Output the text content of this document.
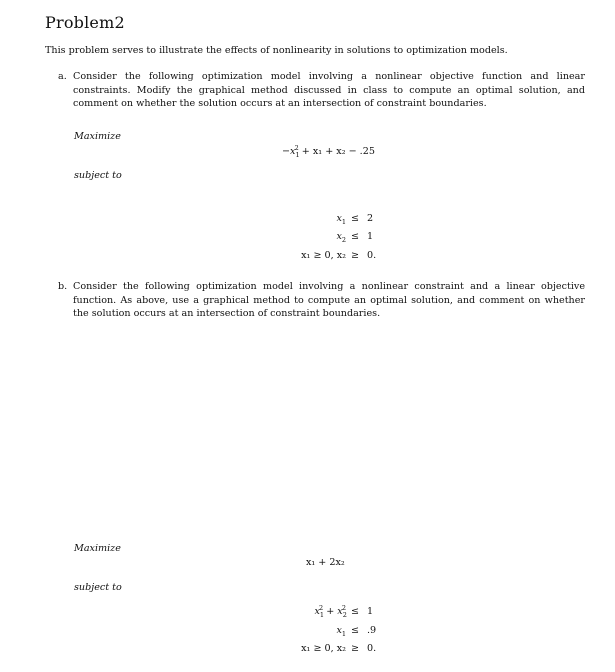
Problem2
This problem serves to illustrate the effects of nonlinearity in solutions to optimization models.
a. Consider the following optimization model involving a nonlinear objective function and linear constraints. Modify the graphical method discussed in class to compute an optimal solution, and comment on whether the solution occurs at an intersection of constraint boundaries.
Maximize
$-x_1^2 + x_1 + x_2 - .25$
subject to
$x_1 \le 2$
$x_2 \le 1$
x₁ ≥ 0, x₂ ≥ 0.
b. Consider the following optimization model involving a nonlinear constraint and a linear objective function. As above, use a graphical method to compute an optimal solution, and comment on whether the solution occurs at an intersection of constraint boundaries.
Maximize
x₁ + 2x₂
subject to
$x_1^2 + x_2^2 \le 1$
$x_1 \le .9$
x₁ ≥ 0, x₂ ≥ 0.
